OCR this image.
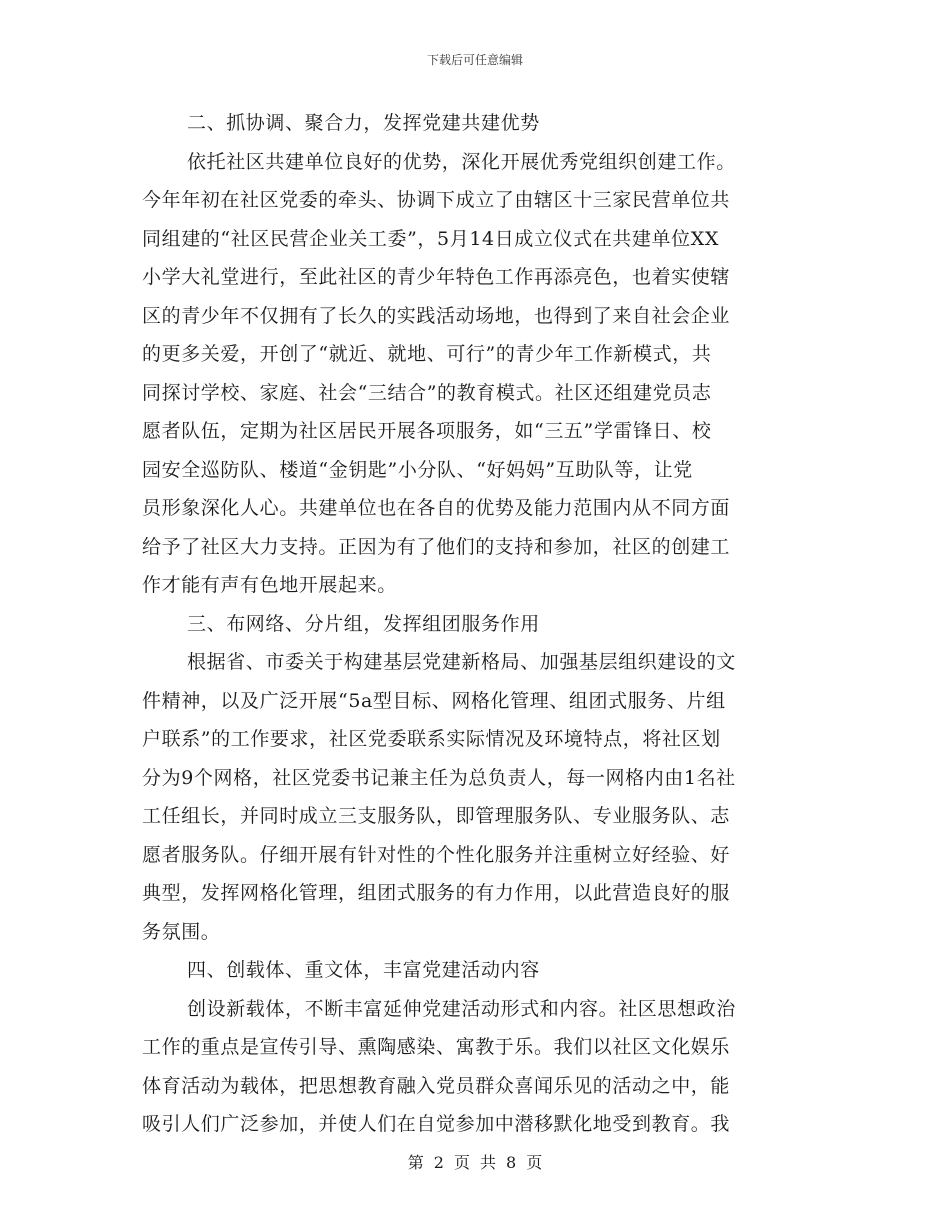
下载后可任意编辑
二、抓协调、聚合力，发挥党建共建优势
依托社区共建单位良好的优势，深化开展优秀党组织创建工作。
今年年初在社区党委的牵头、协调下成立了由辖区十三家民营单位共
同组建的“社区民营企业关工委”，5月14日成立仪式在共建单位XX
小学大礼堂进行，至此社区的青少年特色工作再添亮色，也着实使辖
区的青少年不仅拥有了长久的实践活动场地，也得到了来自社会企业
的更多关爱，开创了“就近、就地、可行”的青少年工作新模式，共
同探讨学校、家庭、社会“三结合”的教育模式。社区还组建党员志
愿者队伍，定期为社区居民开展各项服务，如“三五”学雷锋日、校
园安全巡防队、楼道“金钥匙”小分队、“好妈妈”互助队等，让党
员形象深化人心。共建单位也在各自的优势及能力范围内从不同方面
给予了社区大力支持。正因为有了他们的支持和参加，社区的创建工
作才能有声有色地开展起来。
三、布网络、分片组，发挥组团服务作用
根据省、市委关于构建基层党建新格局、加强基层组织建设的文
件精神，以及广泛开展“5a型目标、网格化管理、组团式服务、片组
户联系”的工作要求，社区党委联系实际情况及环境特点，将社区划
分为9个网格，社区党委书记兼主任为总负责人，每一网格内由1名社
工任组长，并同时成立三支服务队，即管理服务队、专业服务队、志
愿者服务队。仔细开展有针对性的个性化服务并注重树立好经验、好
典型，发挥网格化管理，组团式服务的有力作用，以此营造良好的服
务氛围。
四、创载体、重文体，丰富党建活动内容
创设新载体，不断丰富延伸党建活动形式和内容。社区思想政治
工作的重点是宣传引导、熏陶感染、寓教于乐。我们以社区文化娱乐
体育活动为载体，把思想教育融入党员群众喜闻乐见的活动之中，能
吸引人们广泛参加，并使人们在自觉参加中潜移默化地受到教育。我
第 2 页 共 8 页
